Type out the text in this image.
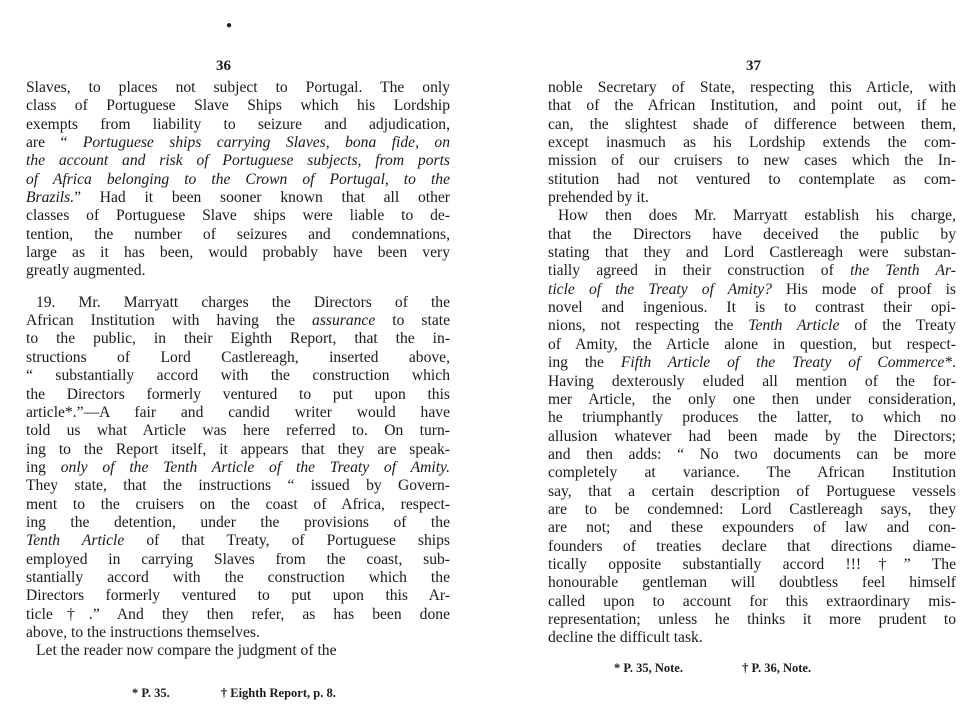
●
36
Slaves, to places not subject to Portugal. The only
class of Portuguese Slave Ships which his Lordship
exempts from liability to seizure and adjudication,
are “ Portuguese ships carrying Slaves, bona fide, on
the account and risk of Portuguese subjects, from ports
of Africa belonging to the Crown of Portugal, to the
Brazils.” Had it been sooner known that all other
classes of Portuguese Slave ships were liable to de-
tention, the number of seizures and condemnations,
large as it has been, would probably have been very
greatly augmented.
19. Mr. Marryatt charges the Directors of the
African Institution with having the assurance to state
to the public, in their Eighth Report, that the in-
structions of Lord Castlereagh, inserted above,
“ substantially accord with the construction which
the Directors formerly ventured to put upon this
article*.”—A fair and candid writer would have
told us what Article was here referred to. On turn-
ing to the Report itself, it appears that they are speak-
ing only of the Tenth Article of the Treaty of Amity.
They state, that the instructions “ issued by Govern-
ment to the cruisers on the coast of Africa, respect-
ing the detention, under the provisions of the
Tenth Article of that Treaty, of Portuguese ships
employed in carrying Slaves from the coast, sub-
stantially accord with the construction which the
Directors formerly ventured to put upon this Ar-
ticle†.” And they then refer, as has been done
above, to the instructions themselves.
Let the reader now compare the judgment of the
* P. 35.	† Eighth Report, p. 8.
37
noble Secretary of State, respecting this Article, with
that of the African Institution, and point out, if he
can, the slightest shade of difference between them,
except inasmuch as his Lordship extends the com-
mission of our cruisers to new cases which the In-
stitution had not ventured to contemplate as com-
prehended by it.
How then does Mr. Marryatt establish his charge,
that the Directors have deceived the public by
stating that they and Lord Castlereagh were substan-
tially agreed in their construction of the Tenth Ar-
ticle of the Treaty of Amity? His mode of proof is
novel and ingenious. It is to contrast their opi-
nions, not respecting the Tenth Article of the Treaty
of Amity, the Article alone in question, but respect-
ing the Fifth Article of the Treaty of Commerce*.
Having dexterously eluded all mention of the for-
mer Article, the only one then under consideration,
he triumphantly produces the latter, to which no
allusion whatever had been made by the Directors;
and then adds: “ No two documents can be more
completely at variance. The African Institution
say, that a certain description of Portuguese vessels
are to be condemned: Lord Castlereagh says, they
are not; and these expounders of law and con-
founders of treaties declare that directions diame-
tically opposite substantially accord !!!†” The
honourable gentleman will doubtless feel himself
called upon to account for this extraordinary mis-
representation; unless he thinks it more prudent to
decline the difficult task.
* P. 35, Note.	† P. 36, Note.
